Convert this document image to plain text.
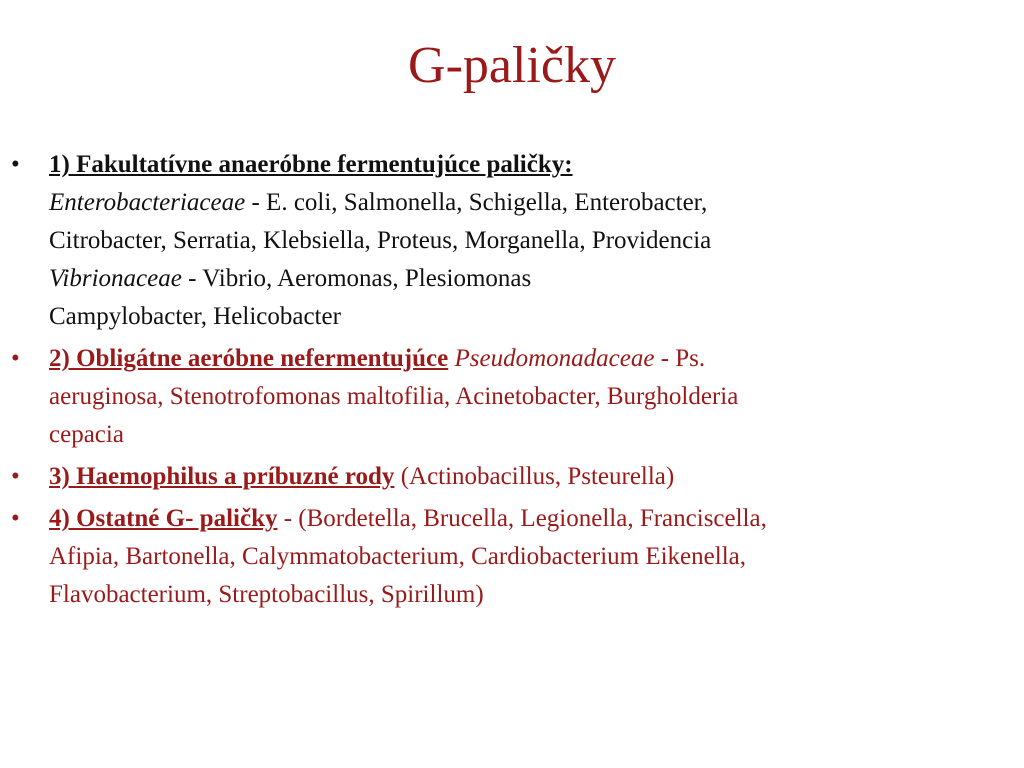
G-paličky
• 1) Fakultatívne anaeróbne fermentujúce paličky:
Enterobacteriaceae - E. coli, Salmonella, Schigella, Enterobacter,
Citrobacter, Serratia, Klebsiella, Proteus, Morganella, Providencia
Vibrionaceae - Vibrio, Aeromonas, Plesiomonas
Campylobacter, Helicobacter
• 2) Obligátne aeróbne nefermentujúce Pseudomonadaceae - Ps.
aeruginosa, Stenotrofomonas maltofilia, Acinetobacter, Burgholderia
cepacia
• 3) Haemophilus a príbuzné rody (Actinobacillus, Psteurella)
• 4) Ostatné G- paličky - (Bordetella, Brucella, Legionella, Franciscella,
Afipia, Bartonella, Calymmatobacterium, Cardiobacterium Eikenella,
Flavobacterium, Streptobacillus, Spirillum)
